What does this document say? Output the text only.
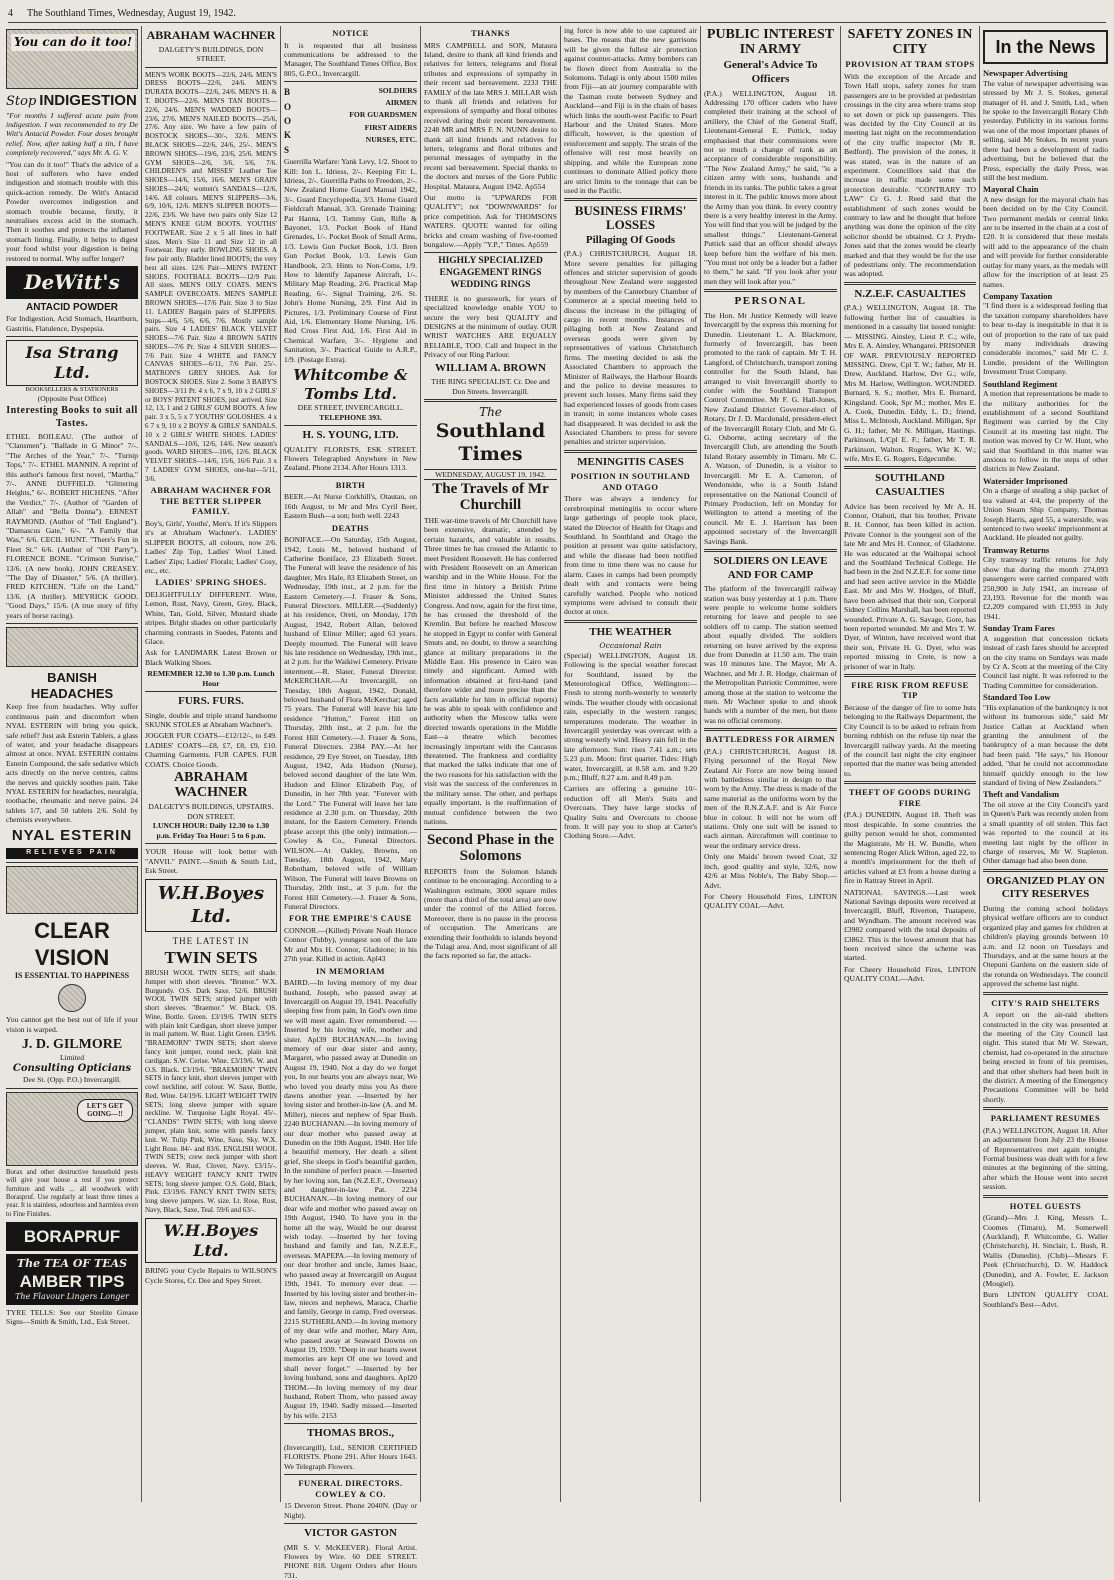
4 The Southland Times, Wednesday, August 19, 1942.
You can do it too!
Stop INDIGESTION

"For months I suffered acute pain from indigestion. I was recommended to try De Witt's Antacid Powder. Four doses brought relief. Now, after taking half a tin, I have completely recovered," says Mr. A. G. V.

"You can do it too!" That's the advice of a host of sufferers who have ended indigestion and stomach trouble with this quick-action remedy. De Witt's Antacid Powder overcomes indigestion and stomach trouble because, firstly, it neutralises excess acid in the stomach. Then it soothes and protects the inflamed stomach lining. Finally, it helps to digest your food whilst your digestion is being restored to normal. Why suffer longer?

DeWitt's
ANTACID POWDER

For Indigestion, Acid Stomach, Heartburn, Gastritis, Flatulence, Dyspepsia.

Isa Strang Ltd.
BOOKSELLERS & STATIONERS
(Opposite Post Office)
Interesting Books to suit all Tastes.

ETHEL BOILEAU. (The author of "Clansmen"). "Ballade in G Minor" 7/-. "The Arches of the Year," 7/-. "Turnip Tops," 7/-. ETHEL MANNIN. A reprint of this author's famous first novel, "Martha," 7/-. ANNE DUFFIELD. "Glittering Heights," 6/-. ROBERT HICHENS. "After the Verdict," 7/-. (Author of "Garden of Allah" and "Bella Donna"). ERNEST RAYMOND. (Author of "Tell England"). "Damascus Gate," 6/-. "A Family that Was," 6/6. CECIL HUNT. "There's Fun in Fleet St." 6/6. (Author of "Oil Party"). FLORENCE BONE. "Crimson Sunrise," 13/6. (A new book). JOHN CREASEY. "The Day of Disaster," 5/6. (A thriller). FRED KITCHEN. "Life on the Land," 13/6. (A thriller). MEYRICK GOOD. "Good Days," 15/6. (A true story of fifty years of horse racing).

BANISH HEADACHES

Keep free from headaches. Why suffer continuous pain and discomfort when NYAL ESTERIN will bring you quick, safe relief? Just ask Esterin Tablets, a glass of water, and your headache disappears almost at once. NYAL ESTERIN contains Esterin Compound, the safe sedative which acts directly on the nerve centres, calms the nerves and quickly soothes pain. Take NYAL ESTERIN for headaches, neuralgia, toothache, rheumatic and nerve pains. 24 tablets 1/7, and 50 tablets 2/6. Sold by chemists everywhere.

NYAL ESTERIN
RELIEVES PAIN
CLEAR
VISION
IS ESSENTIAL TO HAPPINESS

You cannot get the best out of life if your vision is warped.

J. D. GILMORE
Limited
Consulting Opticians
Dee St. (Opp. P.O.) Invercargill.
LET'S GET GOING—!!

Borax and other destructive household pests will give your house a rest if you protect furniture and walls ... all woodwork with Boraspruf. Use regularly at least three times a year. It is stainless, odourless and harmless even to Fine Finishes.

BORAPRUF
The TEA OF TEAS
AMBER TIPS
The Flavour Lingers Longer

TYRE TELLS: See our Steelite Grease Signs—Smith & Smith, Ltd., Esk Street.

ABRAHAM WACHNER
DALGETY'S BUILDINGS, DON STREET.

MEN'S WORK BOOTS—22/6, 24/6. MEN'S DRESS BOOTS—22/6, 24/6. MEN'S DURATA BOOTS—22/6, 24/6. MEN'S H. & T. BOOTS—22/6. MEN'S TAN BOOTS—22/6, 24/6. MEN'S WADDED BOOTS—23/6, 27/6. MEN'S NAILED BOOTS—25/6, 27/6. Any size. We have a few pairs of BOSTOCK SHOES—30/-, 32/6. MEN'S BLACK SHOES—22/6, 24/6, 25/-. MEN'S BROWN SHOES—19/6, 23/6, 25/6. MEN'S GYM SHOES—2/6, 3/6, 5/6, 7/6. CHILDREN'S and MISSES' Leather Toe SHOES—14/6, 15/6, 16/6. MEN'S GRAIN SHOES—24/6; women's SANDALS—12/6, 14/6. All colours. MEN'S SLIPPERS—3/6, 6/9, 10/6, 12/6. MEN'S SLIPPER BOOTS—22/6, 23/6. We have two pairs only Size 12 MEN'S KNEE GUM BOOTS. YOUTHS' FOOTWEAR. Size 2 x 5 all lines in half sizes. Men's Size 11 and Size 12 in all Footwear. Buy early. BOWLING SHOES. A few pair only. Bladder lined BOOTS; the very best all sizes. 12/6 Pair—MEN'S PATENT SHOES. FOOTBALL BOOTS—12/9 Pair. All sizes. MEN'S OILY COATS. MEN'S SAMPLE OVERCOATS. MEN'S SAMPLE BROWN SHOES—17/6 Pair. Size 3 to Size 11. LADIES' Bargain pairs of SLIPPERS. Snips—4/6, 5/6, 6/6, 7/6. Mostly sample pairs. Size 4 LADIES' BLACK VELVET SHOES—7/6 Pair. Size 4 BROWN SATIN SHOES—7/6 Pr. Size 4 SILVER SHOES—7/6 Pair. Size 4 WHITE and FANCY CANVAS SHOES—6/11, 7/6 Pair. 25/-. MATRON'S GREY SHOES. Ask for BOSTOCK SHOES. Size 2. Some 3 BABY'S SHOES—3/11 Pr. 4 x 6, 7 x 9, 10 x 2 GIRLS' or BOYS' PATENT SHOES, just arrived. Size 12, 13, 1 and 2 GIRLS' GUM BOOTS. A few pair. 3 x 5, 5 x 7 YOUTHS' GOLOSHES. 4 x 6 7 x 9, 10 x 2 BOYS' & GIRLS' SANDALS. 10 x 2 GIRLS' WHITE SHOES. LADIES' SANDALS—10/6, 12/6, 14/6. New season's goods. WARD SHOES—10/6, 12/6. BLACK VELVET SHOES—14/6, 15/6, 16/6 Pair. 3 x 7 LADIES' GYM SHOES, one-bar—5/11, 3/6.

ABRAHAM WACHNER FOR THE BETTER SLIPPER FAMILY.

Boy's, Girls', Youths', Men's. If it's Slippers it's at Abraham Wachner's. LADIES' SLIPPER BOOTS, all colours, now 2/6. Ladies' Zip Top, Ladies' Wool Lined. Ladies' Zips; Ladies' Florals; Ladies' Cosy, etc., etc.

LADIES' SPRING SHOES.

DELIGHTFULLY DIFFERENT. Wine, Lemon, Rust, Navy, Green, Grey, Black, White, Tan, Gold, Silver, Mustard shade stripes. Bright shades on other particularly charming contrasts in Suedes, Patents and Glace.

Ask for LANDMARK Latest Brown or Black Walking Shoes.

REMEMBER 12.30 to 1.30 p.m. Lunch Hour
FURS. FURS.

Single, double and triple strand handsome SKUNK STOLES at Abraham Wachner's.

JOGGER FUR COATS—£12/12/-, to £49. LADIES' COATS—£8, £7, £8, £9, £10. Charming Garments. FUR CAPES. FUR COATS. Choice Goods.

ABRAHAM WACHNER
DALGETY'S BUILDINGS, UPSTAIRS. DON STREET.
LUNCH HOUR: Daily 12.30 to 1.30 p.m. Friday Tea Hour: 5 to 6 p.m.

YOUR House will look better with "ANVIL" PAINT.—Smith & Smith Ltd., Esk Street.

W.H.Boyes Ltd.
THE LATEST IN
TWIN SETS

BRUSH WOOL TWIN SETS; self shade. Jumper with short sleeves. "Brumor." W.X. Burgundy. O.S. Dark Saxe. 52/6. BRUSH WOOL TWIN SETS; striped jumper with short sleeves. "Braemor." W. Black. OS. Wine, Bottle. Green. £3/19/6. TWIN SETS with plain knit Cardigan, short sleeve jumper in mail pattern. W. Rust. Light Green. £3/9/6. "BRAEMORN" TWIN SETS; short sleeve fancy knit jumper, round neck, plain knit cardigan. S.W. Cerise. Wine. £3/19/6. W. and O.S. Black. £3/19/6. "BRAEMORN" TWIN SETS in fancy knit, short sleeves jumper with cowl neckline, self colour. W. Saxe, Bottle, Red, Wine. £4/19/6. LIGHT WEIGHT TWIN SETS; long sleeve jumper with square neckline. W. Turquoise Light Royal. 45/-. "CLANDS" TWIN SETS; with long sleeve jumper, plain knit, some with panels fancy knit. W. Tulip Pink, Wine, Saxe, Sky. W.X. Light Rose. 84/- and 83/6. ENGLISH WOOL TWIN SETS; crew neck jumper with short sleeves. W. Rust, Clover, Navy. £3/15/-. HEAVY WEIGHT FANCY KNIT TWIN SETS; long sleeve jumper. O.S. Gold, Black, Pink. £3/19/6. FANCY KNIT TWIN SETS; long sleeve jumpers. W. size. Lt. Rose, Rust, Navy, Black, Saxe, Teal. 59/6 and 63/-.

W.H.Boyes Ltd.

BRING your Cycle Repairs to WILSON'S Cycle Stores, Cr. Dee and Spey Street.

NOTICE

It is requested that all business communications be addressed to the Manager, The Southland Times Office, Box 805, G.P.O., Invercargill.

B
O
O
K
S
SOLDIERS
AIRMEN
FOR GUARDSMEN
FIRST AIDERS
NURSES, ETC.

Guerrilla Warfare: Yank Levy, 1/2. Shoot to Kill: Ion L. Idriess, 2/-. Keeping Fit: L. Idriess, 2/-. Guerrilla Paths to Freedom, 2/-. New Zealand Home Guard Manual 1942, 3/-. Guard Encyclopedia, 3/3. Home Guard Fieldcraft Manual, 3/3. Grenade Training: Pat Hanna, 1/3. Tommy Gun, Rifle & Bayonet, 1/3. Pocket Book of Hand Grenades, 1/-. Pocket Book of Small Arms, 1/3. Lewis Gun Pocket Book, 1/3. Bren Gun Pocket Book, 1/3. Lewis Gun Handbook, 2/3. Hints to Non-Coms, 1/9. How to Identify Japanese Aircraft, 1/-. Military Map Reading, 2/6. Practical Map Reading, 6/-. Signal Training, 2/6. St. John's Home Nursing, 2/9. First Aid in Pictures, 1/3. Preliminary Course of First Aid, 1/6. Elementary Home Nursing, 1/6. Red Cross First Aid, 1/6. First Aid in Chemical Warfare, 3/-. Hygiene and Sanitation, 3/-. Practical Guide to A.R.P., 1/9. (Postage Extra).

Whitcombe & Tombs Ltd.
DEE STREET, INVERCARGILL.
TELEPHONE 393.
H. S. YOUNG, LTD.

QUALITY FLORISTS, ESK STREET. Flowers Telegraphed Anywhere in New Zealand. Phone 2134. After Hours 1313.

BIRTH

BEER.—At Nurse Corkhill's, Otautau, on 16th August, to Mr and Mrs Cyril Beer, Eastern Bush—a son; both well. 2243

DEATHS

BONIFACE.—On Saturday, 15th August, 1942, Louis M., beloved husband of Catherine Boniface, 23 Elizabeth Street. The Funeral will leave the residence of his daughter, Mrs Hale, 83 Elizabeth Street, on Wednesday, 19th inst., at 2 p.m. for the Eastern Cemetery.—J. Fraser & Sons, Funeral Directors. MILLER.—(Suddenly) at his residence, Oreti, on Monday, 17th August, 1942, Robert Allan, beloved husband of Elinor Miller; aged 63 years. Deeply mourned. The Funeral will leave his late residence on Wednesday, 19th inst., at 2 p.m. for the Waikiwi Cemetery. Private interment.—R. Slater, Funeral Director. McKERCHAR.—At Invercargill, on Tuesday, 18th August, 1942, Donald, beloved husband of Flora McKerchar; aged 75 years. The Funeral will leave his late residence "Hutton," Forest Hill on Thursday, 20th inst., at 2 p.m. for the Forest Hill Cemetery.—J. Fraser & Sons, Funeral Directors. 2384 PAY.—At her residence, 29 Eye Street, on Tuesday, 18th August, 1942, Ada Hudson (Nurse), beloved second daughter of the late Wm. Hudson and Elinor Elizabeth Pay, of Dunedin, in her 78th year. "Forever with the Lord." The Funeral will leave her late residence at 2.30 p.m. on Thursday, 20th instant, for the Eastern Cemetery. Friends please accept this (the only) intimation.—Cowley & Co., Funeral Directors. WILSON.—At Oakley, Browns, on Tuesday, 18th August, 1942, Mary Robotham, beloved wife of William Wilson. The Funeral will leave Browns on Thursday, 20th inst., at 3 p.m. for the Forest Hill Cemetery.—J. Fraser & Sons, Funeral Directors.

FOR THE EMPIRE'S CAUSE

CONNOR.—(Killed) Private Noah Horace Connor (Tubby), youngest son of the late Mr and Mrs H. Connor, Gladstone; in his 27th year. Killed in action. Apl43

IN MEMORIAM

BAIRD.—In loving memory of my dear husband, Joseph, who passed away at Invercargill on August 19, 1941. Peacefully sleeping free from pain, In God's own time we will meet again. Ever remembered. —Inserted by his loving wife, mother and sister. Apl39 BUCHANAN.—In loving memory of our dear sister and aunty, Margaret, who passed away at Dunedin on August 19, 1940. Not a day do we forget you, In our hearts you are always near, We who loved you dearly miss you As there dawns another year. —Inserted by her loving sister and brother-in-law (A. and M. Miller), nieces and nephew of Spar Bush. 2240 BUCHANAN.—In loving memory of our dear mother who passed away at Dunedin on the 19th August, 1940. Her life a beautiful memory, Her death a silent grief, She sleeps in God's beautiful garden, In the sunshine of perfect peace. —Inserted by her loving son, Ian (N.Z.E.F., Overseas) and daughter-in-law Pat. 2234 BUCHANAN.—In loving memory of our dear wife and mother who passed away on 19th August, 1940. To have you in the home all the way, Would be our dearest wish today. —Inserted by her loving husband and family and Ian, N.Z.E.F., overseas. MAPEPA.—In loving memory of our dear brother and uncle, James Isaac, who passed away at Invercargill on August 19th, 1941. To memory ever dear. —Inserted by his loving sister and brother-in-law, nieces and nephews, Maraca, Charlie and family, George in camp, Fred overseas. 2215 SUTHERLAND.—In loving memory of my dear wife and mother, Mary Ann, who passed away at Seaward Downs on August 19, 1939. "Deep in our hearts sweet memories are kept Of one we loved and shall never forget." —Inserted by her loving husband, sons and daughters. Apl20 THOM.—In loving memory of my dear husband, Robert Thom, who passed away August 19, 1940. Sadly missed.—Inserted by his wife. 2153

THOMAS BROS.,

(Invercargill), Ltd., SENIOR CERTIFIED FLORISTS. Phone 291. After Hours 1643. We Telegraph Flowers.

FUNERAL DIRECTORS. COWLEY & CO.

15 Deveron Street. Phone 2040N. (Day or Night).

VICTOR GASTON

(MR S. V. McKEEVER). Floral Artist. Flowers by Wire. 60 DEE STREET. PHONE 818. Urgent Orders after Hours 731.

THANKS

MRS CAMPBELL and SON, Mataura Island, desire to thank all kind friends and relatives for letters, telegrams and floral tributes and expressions of sympathy in their recent sad bereavement. 2233 THE FAMILY of the late MRS J. MILLAR wish to thank all friends and relatives for expressions of sympathy and floral tributes received during their recent bereavement. 2248 MR and MRS F. N. NUNN desire to thank all kind friends and relatives for letters, telegrams and floral tributes and personal messages of sympathy in the recent sad bereavement. Special thanks to the doctors and nurses of the Gore Public Hospital. Mataura, August 1942. Ap554

Our motto is "UPWARDS FOR QUALITY"; not "DOWNWARDS" for price competition. Ask for THOMSONS WATERS. QUOTE wanted for oiling bricks and cream washing of five-roomed bungalow.—Apply "Y.P.," Times. Ap559

HIGHLY SPECIALIZED ENGAGEMENT RINGS WEDDING RINGS

THERE is no guesswork, for years of specialized knowledge enable YOU to secure the very best QUALITY and DESIGNS at the minimum of outlay. OUR WRIST WATCHES ARE EQUALLY RELIABLE, TOO. Call and Inspect in the Privacy of our Ring Parlour.

WILLIAM A. BROWN
THE RING SPECIALIST. Cr. Dee and Don Streets. Invercargill.
The
Southland Times
WEDNESDAY, AUGUST 19, 1942.
The Travels of Mr Churchill

THE war-time travels of Mr Churchill have been extensive, dramatic, attended by certain hazards, and valuable in results. Three times he has crossed the Atlantic to meet President Roosevelt. He has conferred with President Roosevelt on an American warship and in the White House. For the first time in history a British Prime Minister addressed the United States Congress. And now, again for the first time, he has crossed the threshold of the Kremlin. But before he reached Moscow he stopped in Egypt to confer with General Smuts and, no doubt, to throw a searching glance at military preparations in the Middle East. His presence in Cairo was timely and significant. Armed with information obtained at first-hand (and therefore wider and more precise than the facts available for him in official reports) he was able to speak with confidence and authority when the Moscow talks were directed towards operations in the Middle East—a theatre which becomes increasingly important with the Caucasus threatened. The frankness and cordiality that marked the talks indicate that one of the two reasons for his satisfaction with the visit was the success of the conferences in the military sense. The other, and perhaps equally important, is the reaffirmation of mutual confidence between the two nations.

Second Phase in the Solomons

REPORTS from the Solomon Islands continue to be encouraging. According to a Washington estimate, 3000 square miles (more than a third of the total area) are now under the control of the Allied forces. Moreover, there is no pause in the process of occupation. The Americans are extending their footholds to islands beyond the Tulagi area. And, most significant of all the facts reported so far, the attack-

ing force is now able to use captured air bases. The means that the new garrisons will be given the fullest air protection against counter-attacks. Army bombers can be flown direct from Australia to the Solomons. Tulagi is only about 1500 miles from Fiji—an air journey comparable with the Tasman route between Sydney and Auckland—and Fiji is in the chain of bases which links the south-west Pacific to Pearl Harbour and the United States. More difficult, however, is the question of reinforcement and supply. The strain of the offensive will rest most heavily on shipping, and while the European zone continues to dominate Allied policy there are strict limits to the tonnage that can be used in the Pacific.

BUSINESS FIRMS' LOSSES
Pillaging Of Goods

(P.A.) CHRISTCHURCH, August 18. More severe penalties for pillaging offences and stricter supervision of goods throughout New Zealand were suggested by members of the Canterbury Chamber of Commerce at a special meeting held to discuss the increase in the pillaging of cargo in recent months. Instances of pillaging both at New Zealand and overseas goods were given by representatives of various Christchurch firms. The meeting decided to ask the Associated Chambers to approach the Minister of Railways, the Harbour Boards and the police to devise measures to prevent such losses. Many firms said they had experienced losses of goods from cases in transit; in some instances whole cases had disappeared. It was decided to ask the Associated Chambers to press for severe penalties and stricter supervision.

MENINGITIS CASES
POSITION IN SOUTHLAND AND OTAGO

There was always a tendency for cerebrospinal meningitis to occur where large gatherings of people took place, stated the Director of Health for Otago and Southland. In Southland and Otago the position at present was quite satisfactory, and while the disease had been notified from time to time there was no cause for alarm. Cases in camps had been promptly dealt with and contacts were being carefully watched. People who noticed symptoms were advised to consult their doctor at once.

THE WEATHER
Occasional Rain

(Special) WELLINGTON, August 18. Following is the special weather forecast for Southland, issued by the Meteorological Office, Wellington:— Fresh to strong north-westerly to westerly winds. The weather cloudy with occasional rain, especially in the western ranges; temperatures moderate. The weather in Invercargill yesterday was overcast with a strong westerly wind. Heavy rain fell in the late afternoon. Sun: rises 7.41 a.m.; sets 5.23 p.m. Moon: first quarter. Tides: High water, Invercargill, at 8.58 a.m. and 9.20 p.m.; Bluff, 8.27 a.m. and 8.49 p.m.

Carriers are offering a genuine 10/-reduction off all Men's Suits and Overcoats. They have large stocks of Quality Suits and Overcoats to choose from. It will pay you to shop at Carter's Clothing Store.—Advt.

PUBLIC INTEREST IN ARMY
General's Advice To Officers

(P.A.) WELLINGTON, August 18. Addressing 170 officer cadets who have completed their training at the school of artillery, the Chief of the General Staff, Lieutenant-General E. Puttick, today emphasised that their commissions were not so much a change of rank as an acceptance of considerable responsibility. "The New Zealand Army," he said, "is a citizen army with sons, husbands and friends in its ranks. The public takes a great interest in it. The public knows more about the Army than you think. In every country there is a very healthy interest in the Army. You will find that you will be judged by the smallest things." Lieutenant-General Puttick said that an officer should always keep before him the welfare of his men. "You must not only be a leader but a father to them," he said. "If you look after your men they will look after you."

PERSONAL

The Hon. Mr Justice Kennedy will leave Invercargill by the express this morning for Dunedin. Lieutenant L. A. Blackmore, formerly of Invercargill, has been promoted to the rank of captain. Mr T. H. Langford, of Christchurch, transport zoning controller for the South Island, has arranged to visit Invercargill shortly to confer with the Southland Transport Control Committee. Mr F. G. Hall-Jones, New Zealand District Governor-elect of Rotary, Dr J. D. Macdonald, president-elect of the Invercargill Rotary Club, and Mr G. G. Osborne, acting secretary of the Invercargill Club, are attending the South Island Rotary assembly in Timaru. Mr C. A. Watson, of Dunedin, is a visitor to Invercargill. Mr E. A. Cameron, of Wendonside, who is a South Island representative on the National Council of Primary Production, left on Monday for Wellington to attend a meeting of the council. Mr E. J. Harrison has been appointed secretary of the Invercargill Savings Bank.

SOLDIERS ON LEAVE AND FOR CAMP

The platform of the Invercargill railway station was busy yesterday at 1 p.m. There were people to welcome home soldiers returning for leave and people to see soldiers off to camp. The station seemed about equally divided. The soldiers returning on leave arrived by the express due from Dunedin at 11.50 a.m. The train was 10 minutes late. The Mayor, Mr A. Wachner, and Mr J. R. Hodge, chairman of the Metropolitan Patriotic Committee, were among those at the station to welcome the men. Mr Wachner spoke to and shook hands with a number of the men, but there was no official ceremony.

BATTLEDRESS FOR AIRMEN

(P.A.) CHRISTCHURCH, August 18. Flying personnel of the Royal New Zealand Air Force are now being issued with battledress similar in design to that worn by the Army. The dress is made of the same material as the uniforms worn by the men of the R.N.Z.A.F. and is Air Force blue in colour. It will not be worn off stations. Only one suit will be issued to each airman. Aircraftmen will continue to wear the ordinary service dress.

Only one Maids' brown tweed Coat, 32 inch, good quality and style, 32/6, now 42/6 at Miss Noble's, The Baby Shop.—Advt.

For Cheery Household Fires, LINTON QUALITY COAL—Advt.

SAFETY ZONES IN CITY
PROVISION AT TRAM STOPS

With the exception of the Arcade and Town Hall stops, safety zones for tram passengers are to be provided at pedestrian crossings in the city area where trams stop to set down or pick up passengers. This was decided by the City Council at its meeting last night on the recommendation of the city traffic inspector (Mr R. Bedford). The provision of the zones, it was stated, was in the nature of an experiment. Councillors said that the increase in traffic made some such protection desirable. "CONTRARY TO LAW" Cr G. J. Reed said that the establishment of such zones would be contrary to law and he thought that before anything was done the opinion of the city solicitor should be obtained. Cr J. Prydn-Jones said that the zones would be clearly marked and that they would be for the use of pedestrians only. The recommendation was adopted.

N.Z.E.F. CASUALTIES

(P.A.) WELLINGTON, August 18. The following further list of casualties is mentioned in a casualty list issued tonight:— MISSING. Ainsley, Lieut P. C.; wife, Mrs E. A. Ainsley, Whangarei. PRISONER OF WAR. PREVIOUSLY REPORTED MISSING. Drew, Cpl T. W.; father, Mr H. Drew, Auckland. Harlow, Dvr G.; wife, Mrs M. Harlow, Wellington. WOUNDED. Burnard, S. S.; mother, Mrs E. Burnard, Kingsland. Cook, Spr M.; mother, Mrs E. A. Cook, Dunedin. Eddy, L. D.; friend, Miss L. McIntosh, Auckland. Milligan, Spr G. H.; father, Mr N. Milligan, Hastings. Parkinson, L/Cpl E. F.; father, Mr T. R. Parkinson, Walton. Rogers, Wkr K. W.; wife, Mrs E. G. Rogers, Edgecumbe.

SOUTHLAND CASUALTIES

Advice has been received by Mr A. H. Connor, Otahuti, that his brother, Private R. H. Connor, has been killed in action. Private Connor is the youngest son of the late Mr and Mrs H. Connor, of Gladstone. He was educated at the Waihopai school and the Southland Technical College. He had been in the 2nd N.Z.E.F. for some time and had seen active service in the Middle East. Mr and Mrs W. Hodges, of Bluff, have been advised that their son, Corporal Sidney Collins Marshall, has been reported wounded. Private A. G. Savage, Gore, has been reported wounded. Mr and Mrs T. W. Dyer, of Winton, have received word that their son, Private H. G. Dyer, who was reported missing in Crete, is now a prisoner of war in Italy.

FIRE RISK FROM REFUSE TIP

Because of the danger of fire to some huts belonging to the Railways Department, the City Council is to be asked to refrain from burning rubbish on the refuse tip near the Invercargill railway yards. At the meeting of the council last night the city engineer reported that the matter was being attended to.

THEFT OF GOODS DURING FIRE

(P.A.) DUNEDIN, August 18. Theft was most despicable. In some countries the guilty person would be shot, commented the Magistrate, Mr H. W. Bundle, when sentencing Roger Alick Wilton, aged 22, to a month's imprisonment for the theft of articles valued at £3 from a house during a fire in Rattray Street in April.

NATIONAL SAVINGS.—Last week National Savings deposits were received at Invercargill, Bluff, Riverton, Tuatapere, and Wyndham. The amount received was £3982 compared with the total deposits of £3862. This is the lowest amount that has been received since the scheme was started.

For Cheery Household Fires, LINTON QUALITY COAL—Advt.

In the News
Newspaper Advertising

The value of newspaper advertising was stressed by Mr J. S. Stokes, general manager of H. and J. Smith, Ltd., when he spoke to the Invercargill Rotary Club yesterday. Publicity in its various forms was one of the most important phases of selling, said Mr Stokes. In recent years there had been a development of radio advertising, but he believed that the Press, especially the daily Press, was still the best medium.

Mayoral Chain

A new design for the mayoral chain has been decided on by the City Council. Two permanent medals or central links are to be inserted in the chain at a cost of £20. It is considered that these medals will add to the appearance of the chain and will provide for further considerable outlay for many years, as the medals will allow for the inscription of at least 25 names.

Company Taxation

"I find there is a widespread feeling that the taxation company shareholders have to bear to-day is inequitable in that it is out of proportion to the rate of tax paid by many individuals drawing considerable incomes," said Mr C. J. Lundie, president of the Wellington Investment Trust Company.

Southland Regiment

A motion that representations be made to the military authorities for the establishment of a second Southland Regiment was carried by the City Council at its meeting last night. The motion was moved by Cr W. Hunt, who said that Southland in this matter was anxious to follow in the steps of other districts in New Zealand.

Watersider Imprisoned

On a charge of stealing a ship packet of tea valued at 4/4, the property of the Union Steam Ship Company, Thomas Joseph Harris, aged 55, a waterside, was sentenced to two weeks' imprisonment at Auckland. He pleaded not guilty.

Tramway Returns

City tramway traffic returns for July show that during the month 274,093 passengers were carried compared with 250,900 in July 1941, an increase of 23,193. Revenue for the month was £2,209 compared with £1,993 in July 1941.

Sunday Tram Fares

A suggestion that concession tickets instead of cash fares should be accepted on the city trams on Sundays was made by Cr A. Scott at the meeting of the City Council last night. It was referred to the Trading Committee for consideration.

Standard Too Low

"His explanation of the bankruptcy is not without its humorous side," said Mr Justice Callan at Auckland when granting the annulment of the bankruptcy of a man because the debt had been paid. "He says," his Honour added, "that he could not accommodate himself quickly enough to the low standard of living of New Zealanders."

Theft and Vandalism

The oil stove at the City Council's yard in Queen's Park was recently stolen from a small quantity of oil stolen. This fact was reported to the council at its meeting last night by the officer in charge of reserves, Mr W. Stapleton. Other damage had also been done.

ORGANIZED PLAY ON CITY RESERVES

During the coming school holidays physical welfare officers are to conduct organized play and games for children at children's playing grounds between 10 a.m. and 12 noon on Tuesdays and Thursdays, and at the same hours at the Otepuni Gardens on the eastern side of the rotunda on Wednesdays. The council approved the scheme last night.

CITY'S RAID SHELTERS

A report on the air-raid shelters constructed in the city was presented at the meeting of the City Council last night. This stated that Mr W. Stewart, chemist, had co-operated in the structure being erected in front of his premises, and that other shelters had been built in the district. A meeting of the Emergency Precautions Committee will be held shortly.

PARLIAMENT RESUMES

(P.A.) WELLINGTON, August 18. After an adjournment from July 23 the House of Representatives met again tonight. Formal business was dealt with for a few minutes at the beginning of the sitting, after which the House went into secret session.

HOTEL GUESTS

(Grand)—Mrs J. King, Messrs L. Coomes (Timaru), M. Somerwell (Auckland), P. Whitcombe, G. Waller (Christchurch), H. Sinclair, L. Bush, R. Wallis (Dunedin). (Club)—Messrs F. Peek (Christchurch), D. W. Haddock (Dunedin), and A. Fowler, E. Jackson (Mosgiel).

Burn LINTON QUALITY COAL Southland's Best—Advt.
